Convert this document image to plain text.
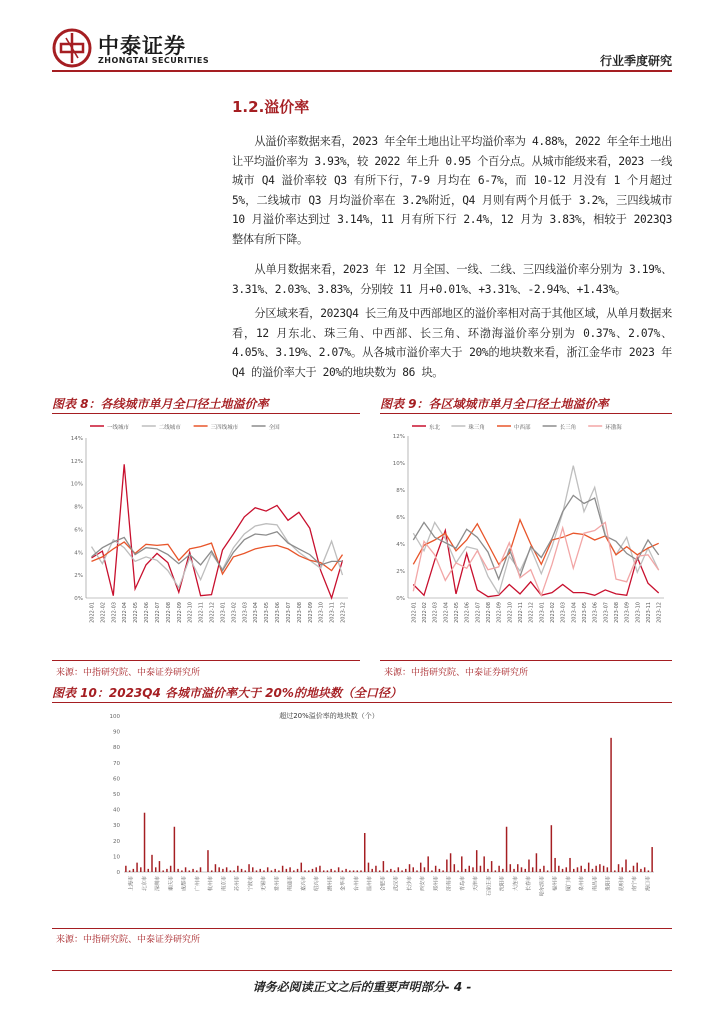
中泰证券
ZHONGTAI SECURITIES	行业季度研究
1.2.溢价率
从溢价率数据来看，2023 年全年土地出让平均溢价率为 4.88%，2022 年全年土地出让平均溢价率为 3.93%，较 2022 年上升 0.95 个百分点。从城市能级来看，2023 一线城市 Q4 溢价率较 Q3 有所下行，7-9 月均在 6-7%，而 10-12 月没有 1 个月超过 5%，二线城市 Q3 月均溢价率在 3.2%附近，Q4 月则有两个月低于 3.2%，三四线城市 10 月溢价率达到过 3.14%，11 月有所下行 2.4%，12 月为 3.83%，相较于 2023Q3 整体有所下降。
从单月数据来看，2023 年 12 月全国、一线、二线、三四线溢价率分别为 3.19%、3.31%、2.03%、3.83%，分别较 11 月+0.01%、+3.31%、-2.94%、+1.43%。
分区域来看，2023Q4 长三角及中西部地区的溢价率相对高于其他区域，从单月数据来看，12 月东北、珠三角、中西部、长三角、环渤海溢价率分别为 0.37%、2.07%、4.05%、3.19%、2.07%。从各城市溢价率大于 20%的地块数来看，浙江金华市 2023 年 Q4 的溢价率大于 20%的地块数为 86 块。
图表 8：各线城市单月全口径土地溢价率	图表 9：各区域城市单月全口径土地溢价率
一线城市	二线城市	三四线城市	全国
0%
2%
4%
6%
8%
10%
12%
14%
2022-01 2022-02 2022-03 2022-04 2022-05 2022-06 2022-07 2022-08 2022-09 2022-10 2022-11 2022-12 2023-01 2023-02 2023-03 2023-04 2023-05 2023-06 2023-07 2023-08 2023-09 2023-10 2023-11 2023-12
东北	珠三角	中西部	长三角	环渤海
0%
2%
4%
6%
8%
10%
12%
2022-01 2022-02 2022-03 2022-04 2022-05 2022-06 2022-07 2022-08 2022-09 2022-10 2022-11 2022-12 2023-01 2023-02 2023-03 2023-04 2023-05 2023-06 2023-07 2023-08 2023-09 2023-10 2023-11 2023-12
来源：中指研究院、中泰证券研究所	来源：中指研究院、中泰证券研究所
图表 10：2023Q4 各城市溢价率大于 20%的地块数（全口径）
超过20%溢价率的地块数（个）
0
10
20
30
40
50
60
70
80
90
100
上海市 北京市 深圳市 重庆市 成都市 广州市 杭州市 南京市 苏州市 宁波市 无锡市 常州市 南通市 嘉兴市 绍兴市 湖州市 金华市 台州市 温州市 合肥市 武汉市 长沙市 西安市 郑州市 济南市 青岛市 天津市 石家庄市 沈阳市 大连市 长春市 哈尔滨市 福州市 厦门市 泉州市 南昌市 贵阳市 昆明市 南宁市 海口市
来源：中指研究院、中泰证券研究所
请务必阅读正文之后的重要声明部分- 4 -
